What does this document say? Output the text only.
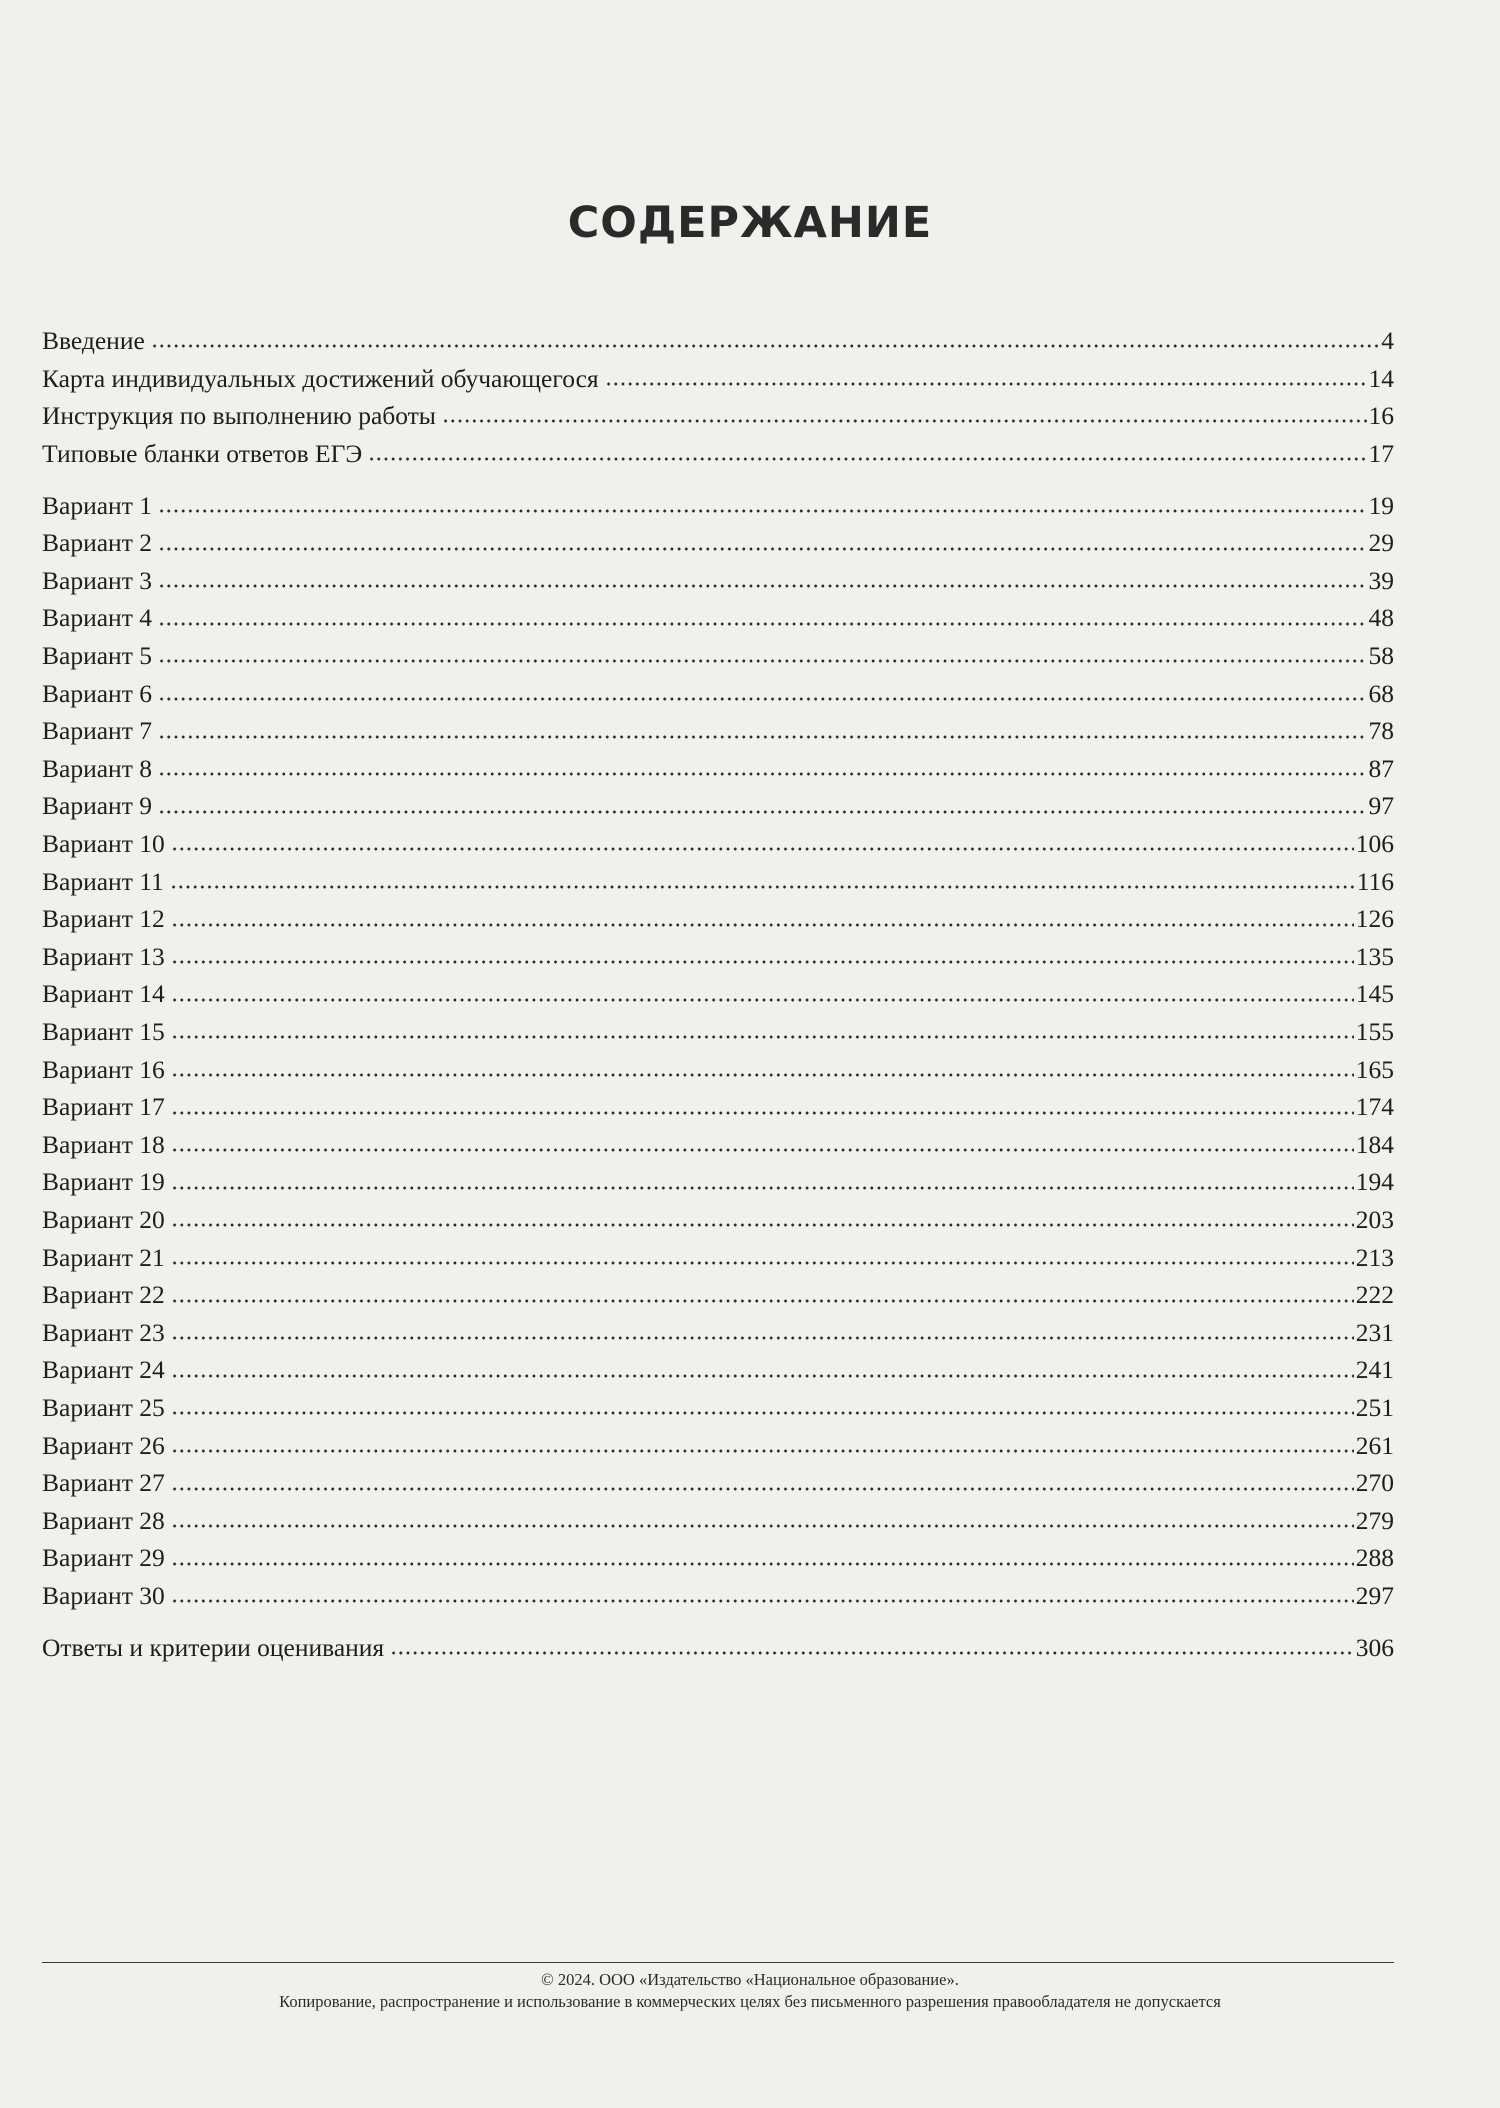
СОДЕРЖАНИЕ
Введение	4
Карта индивидуальных достижений обучающегося	14
Инструкция по выполнению работы	16
Типовые бланки ответов ЕГЭ	17
Вариант 1	19
Вариант 2	29
Вариант 3	39
Вариант 4	48
Вариант 5	58
Вариант 6	68
Вариант 7	78
Вариант 8	87
Вариант 9	97
Вариант 10	106
Вариант 11	116
Вариант 12	126
Вариант 13	135
Вариант 14	145
Вариант 15	155
Вариант 16	165
Вариант 17	174
Вариант 18	184
Вариант 19	194
Вариант 20	203
Вариант 21	213
Вариант 22	222
Вариант 23	231
Вариант 24	241
Вариант 25	251
Вариант 26	261
Вариант 27	270
Вариант 28	279
Вариант 29	288
Вариант 30	297
Ответы и критерии оценивания	306
© 2024. ООО «Издательство «Национальное образование».
Копирование, распространение и использование в коммерческих целях без письменного разрешения правообладателя не допускается
